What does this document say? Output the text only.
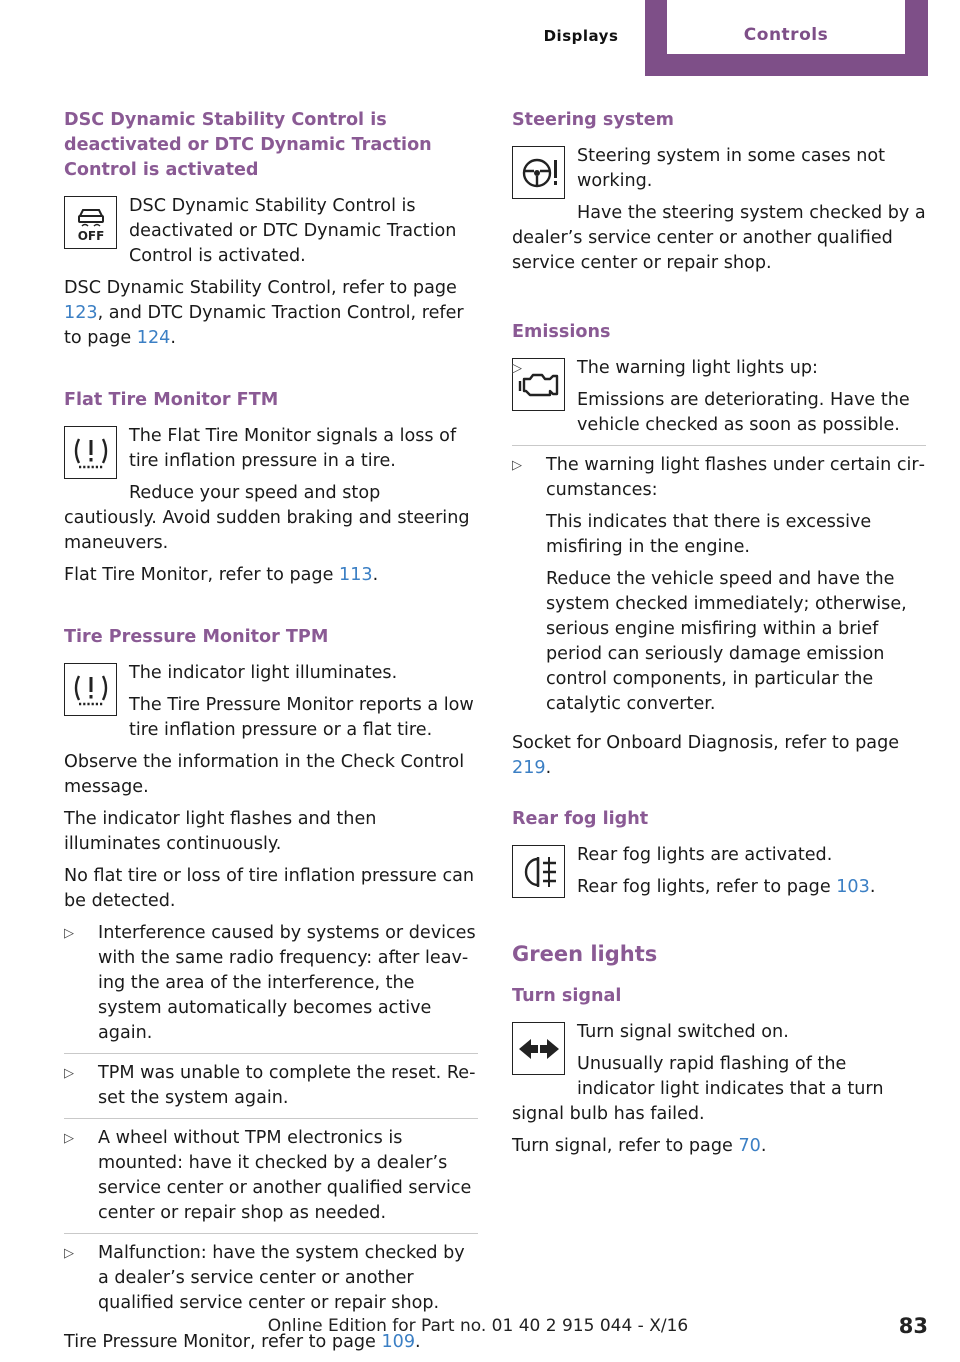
Displays	Controls
DSC Dynamic Stability Control is deactivated or DTC Dynamic Traction Control is activated
OFF

DSC Dynamic Stability Control is deactivated or DTC Dynamic Traction Control is activated.

DSC Dynamic Stability Control, refer to page 123, and DTC Dynamic Traction Control, refer to page 124.

Flat Tire Monitor FTM

The Flat Tire Monitor signals a loss of tire inflation pressure in a tire.

Reduce your speed and stop cautiously. Avoid sudden braking and steering maneuvers.

Flat Tire Monitor, refer to page 113.

Tire Pressure Monitor TPM

The indicator light illuminates.

The Tire Pressure Monitor reports a low tire inflation pressure or a flat tire.

Observe the information in the Check Control message.

The indicator light flashes and then illuminates continuously.

No flat tire or loss of tire inflation pressure can be detected.

▷ Interference caused by systems or devices with the same radio frequency: after leaving the area of the interference, the system automatically becomes active again.
▷ TPM was unable to complete the reset. Reset the system again.
▷ A wheel without TPM electronics is mounted: have it checked by a dealer’s service center or another qualified service center or repair shop as needed.
▷ Malfunction: have the system checked by a dealer’s service center or another qualified service center or repair shop.

Tire Pressure Monitor, refer to page 109.

Steering system

Steering system in some cases not working.

Have the steering system checked by a dealer’s service center or another qualified service center or repair shop.

Emissions

▷ The warning light lights up:

Emissions are deteriorating. Have the vehicle checked as soon as possible.

▷ The warning light flashes under certain circumstances:

This indicates that there is excessive misfiring in the engine.

Reduce the vehicle speed and have the system checked immediately; otherwise, serious engine misfiring within a brief period can seriously damage emission control components, in particular the catalytic converter.

Socket for Onboard Diagnosis, refer to page 219.

Rear fog light

Rear fog lights are activated.

Rear fog lights, refer to page 103.

Green lights
Turn signal

Turn signal switched on.

Unusually rapid flashing of the indicator light indicates that a turn signal bulb has failed.

Turn signal, refer to page 70.

Online Edition for Part no. 01 40 2 915 044 - X/16	83
